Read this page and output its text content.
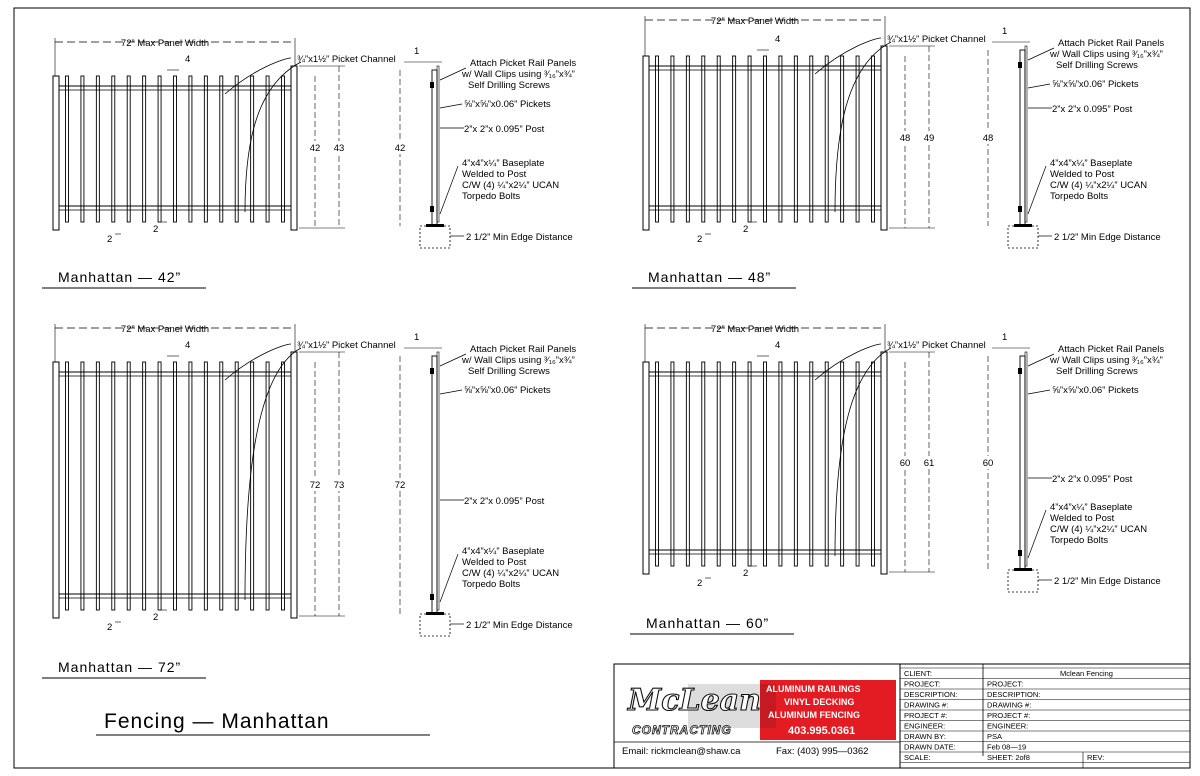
72” Max Panel Width
4	¾”x1½” Picket Channel
42 43
2
2
Manhattan — 42”
1
42
Attach Picket Rail Panels
w/ Wall Clips using ³⁄₁₆”x¾”
Self Drilling Screws
⅝”x⅝”x0.06” Pickets
2”x 2”x 0.095” Post
4”x4”x¼” Baseplate
Welded to Post
C/W (4) ¼”x2¼” UCAN
Torpedo Bolts
2 1/2” Min Edge Distance
72” Max Panel Width
4	¾”x1½” Picket Channel
48 49
2
2
Manhattan — 48”
1
48
Attach Picket Rail Panels
w/ Wall Clips using ³⁄₁₆”x¾”
Self Drilling Screws
⅝”x⅝”x0.06” Pickets
2”x 2”x 0.095” Post
4”x4”x¼” Baseplate
Welded to Post
C/W (4) ¼”x2¼” UCAN
Torpedo Bolts
2 1/2” Min Edge Distance
72” Max Panel Width
4	¾”x1½” Picket Channel
72 73
2
2
Manhattan — 72”
1
72
Attach Picket Rail Panels
w/ Wall Clips using ³⁄₁₆”x¾”
Self Drilling Screws
⅝”x⅝”x0.06” Pickets
2”x 2”x 0.095” Post
4”x4”x¼” Baseplate
Welded to Post
C/W (4) ¼”x2¼” UCAN
Torpedo Bolts
2 1/2” Min Edge Distance
72” Max Panel Width
4	¾”x1½” Picket Channel
60 61
2
2
Manhattan — 60”
1
60
Attach Picket Rail Panels
w/ Wall Clips using ³⁄₁₆”x¾”
Self Drilling Screws
⅝”x⅝”x0.06” Pickets
2”x 2”x 0.095” Post
4”x4”x¼” Baseplate
Welded to Post
C/W (4) ¼”x2¼” UCAN
Torpedo Bolts
2 1/2” Min Edge Distance
Fencing — Manhattan
ALUMINUM RAILINGS
VINYL DECKING
ALUMINUM FENCING
403.995.0361
McLean
CONTRACTING
Email: rickmclean@shaw.ca	Fax: (403) 995—0362
CLIENT:	Mclean Fencing
PROJECT:	PROJECT:
DESCRIPTION:	DESCRIPTION:
DRAWING #:	DRAWING #:
PROJECT #:	PROJECT #:
ENGINEER:	ENGINEER:
DRAWN BY:	PSA
DRAWN DATE:	Feb 08—19
SCALE:	SHEET: 2of8	REV:
